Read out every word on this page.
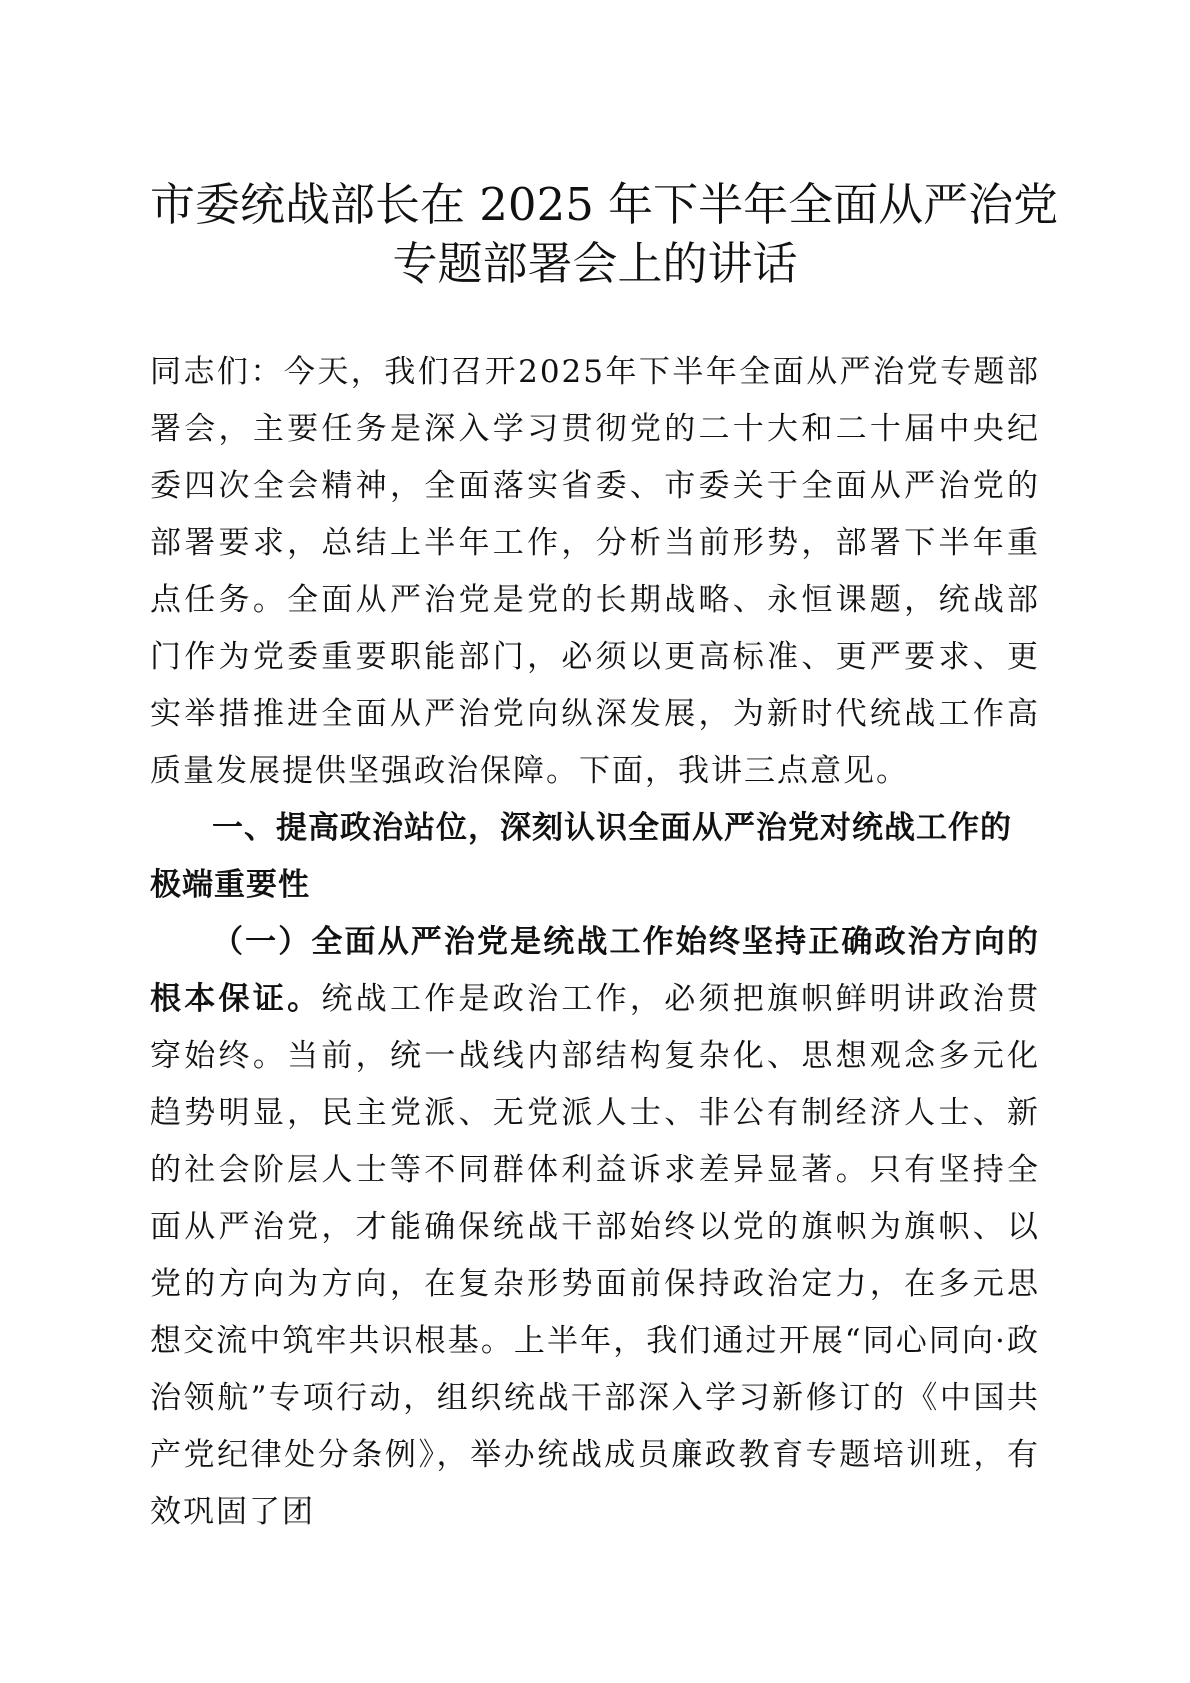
市委统战部长在 2025 年下半年全面从严治党
专题部署会上的讲话

同志们：今天，我们召开2025年下半年全面从严治党专题部署会，主要任务是深入学习贯彻党的二十大和二十届中央纪委四次全会精神，全面落实省委、市委关于全面从严治党的部署要求，总结上半年工作，分析当前形势，部署下半年重点任务。全面从严治党是党的长期战略、永恒课题，统战部门作为党委重要职能部门，必须以更高标准、更严要求、更实举措推进全面从严治党向纵深发展，为新时代统战工作高质量发展提供坚强政治保障。下面，我讲三点意见。

一、提高政治站位，深刻认识全面从严治党对统战工作的极端重要性

（一）全面从严治党是统战工作始终坚持正确政治方向的根本保证。统战工作是政治工作，必须把旗帜鲜明讲政治贯穿始终。当前，统一战线内部结构复杂化、思想观念多元化趋势明显，民主党派、无党派人士、非公有制经济人士、新的社会阶层人士等不同群体利益诉求差异显著。只有坚持全面从严治党，才能确保统战干部始终以党的旗帜为旗帜、以党的方向为方向，在复杂形势面前保持政治定力，在多元思想交流中筑牢共识根基。上半年，我们通过开展“同心同向·政治领航”专项行动，组织统战干部深入学习新修订的《中国共产党纪律处分条例》，举办统战成员廉政教育专题培训班，有效巩固了团
